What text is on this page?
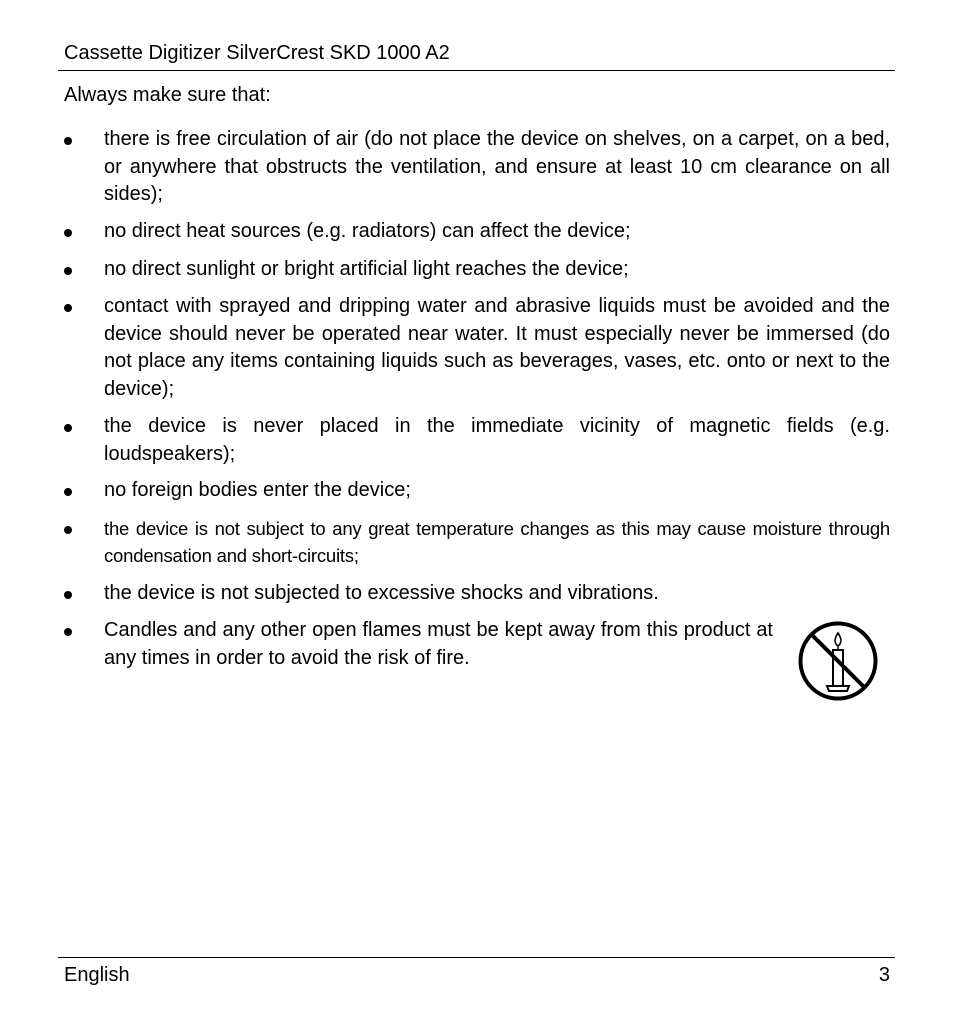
Cassette Digitizer SilverCrest SKD 1000 A2
Always make sure that:
there is free circulation of air (do not place the device on shelves, on a carpet, on a bed, or anywhere that obstructs the ventilation, and ensure at least 10 cm clearance on all sides);
no direct heat sources (e.g. radiators) can affect the device;
no direct sunlight or bright artificial light reaches the device;
contact with sprayed and dripping water and abrasive liquids must be avoided and the device should never be operated near water. It must especially never be immersed (do not place any items containing liquids such as beverages, vases, etc. onto or next to the device);
the device is never placed in the immediate vicinity of magnetic fields (e.g. loudspeakers);
no foreign bodies enter the device;
the device is not subject to any great temperature changes as this may cause moisture through condensation and short-circuits;
the device is not subjected to excessive shocks and vibrations.
Candles and any other open flames must be kept away from this product at any times in order to avoid the risk of fire.
English	3
